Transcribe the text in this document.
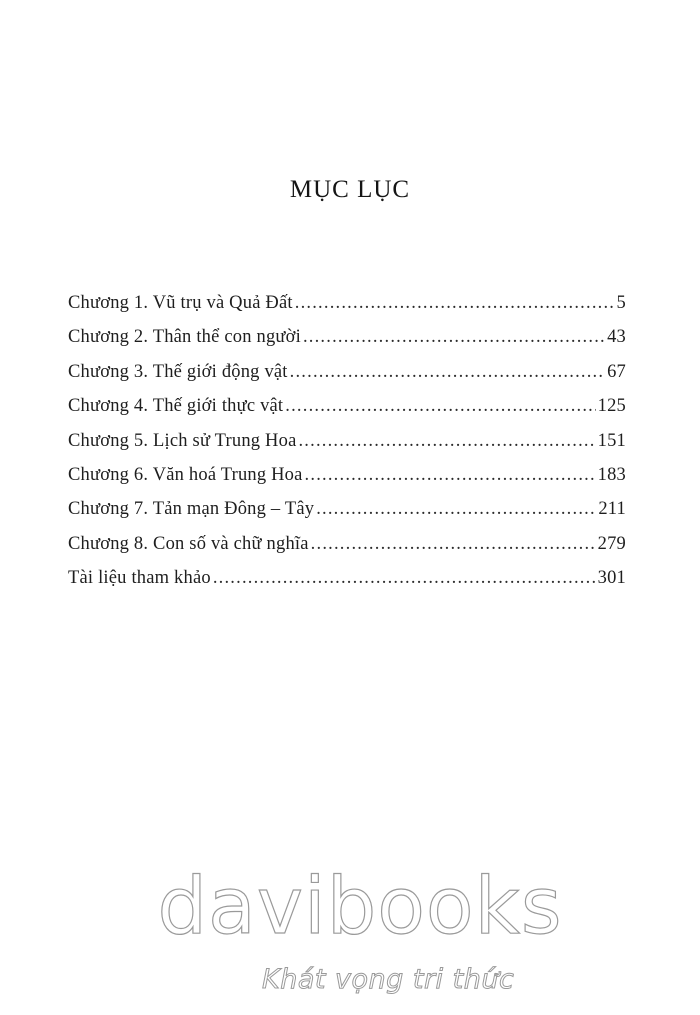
MỤC LỤC
Chương 1. Vũ trụ và Quả Đất .....	5
Chương 2. Thân thể con người .....	43
Chương 3. Thế giới động vật .....	67
Chương 4. Thế giới thực vật .....	125
Chương 5. Lịch sử Trung Hoa .....	151
Chương 6. Văn hoá Trung Hoa .....	183
Chương 7. Tản mạn Đông – Tây .....	211
Chương 8. Con số và chữ nghĩa .....	279
Tài liệu tham khảo .....	301
davibooks
Khát vọng tri thức
